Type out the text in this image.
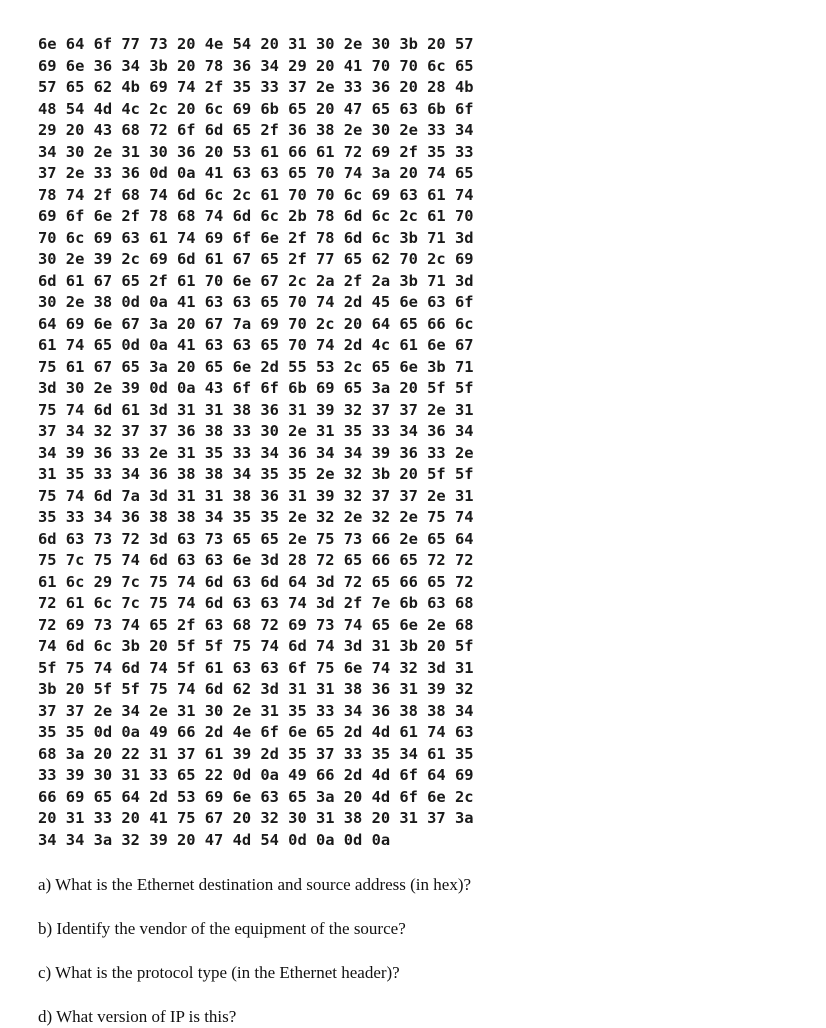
6e 64 6f 77 73 20 4e 54 20 31 30 2e 30 3b 20 57
69 6e 36 34 3b 20 78 36 34 29 20 41 70 70 6c 65
57 65 62 4b 69 74 2f 35 33 37 2e 33 36 20 28 4b
48 54 4d 4c 2c 20 6c 69 6b 65 20 47 65 63 6b 6f
29 20 43 68 72 6f 6d 65 2f 36 38 2e 30 2e 33 34
34 30 2e 31 30 36 20 53 61 66 61 72 69 2f 35 33
37 2e 33 36 0d 0a 41 63 63 65 70 74 3a 20 74 65
78 74 2f 68 74 6d 6c 2c 61 70 70 6c 69 63 61 74
69 6f 6e 2f 78 68 74 6d 6c 2b 78 6d 6c 2c 61 70
70 6c 69 63 61 74 69 6f 6e 2f 78 6d 6c 3b 71 3d
30 2e 39 2c 69 6d 61 67 65 2f 77 65 62 70 2c 69
6d 61 67 65 2f 61 70 6e 67 2c 2a 2f 2a 3b 71 3d
30 2e 38 0d 0a 41 63 63 65 70 74 2d 45 6e 63 6f
64 69 6e 67 3a 20 67 7a 69 70 2c 20 64 65 66 6c
61 74 65 0d 0a 41 63 63 65 70 74 2d 4c 61 6e 67
75 61 67 65 3a 20 65 6e 2d 55 53 2c 65 6e 3b 71
3d 30 2e 39 0d 0a 43 6f 6f 6b 69 65 3a 20 5f 5f
75 74 6d 61 3d 31 31 38 36 31 39 32 37 37 2e 31
37 34 32 37 37 36 38 33 30 2e 31 35 33 34 36 34
34 39 36 33 2e 31 35 33 34 36 34 34 39 36 33 2e
31 35 33 34 36 38 38 34 35 35 2e 32 3b 20 5f 5f
75 74 6d 7a 3d 31 31 38 36 31 39 32 37 37 2e 31
35 33 34 36 38 38 34 35 35 2e 32 2e 32 2e 75 74
6d 63 73 72 3d 63 73 65 65 2e 75 73 66 2e 65 64
75 7c 75 74 6d 63 63 6e 3d 28 72 65 66 65 72 72
61 6c 29 7c 75 74 6d 63 6d 64 3d 72 65 66 65 72
72 61 6c 7c 75 74 6d 63 63 74 3d 2f 7e 6b 63 68
72 69 73 74 65 2f 63 68 72 69 73 74 65 6e 2e 68
74 6d 6c 3b 20 5f 5f 75 74 6d 74 3d 31 3b 20 5f
5f 75 74 6d 74 5f 61 63 63 6f 75 6e 74 32 3d 31
3b 20 5f 5f 75 74 6d 62 3d 31 31 38 36 31 39 32
37 37 2e 34 2e 31 30 2e 31 35 33 34 36 38 38 34
35 35 0d 0a 49 66 2d 4e 6f 6e 65 2d 4d 61 74 63
68 3a 20 22 31 37 61 39 2d 35 37 33 35 34 61 35
33 39 30 31 33 65 22 0d 0a 49 66 2d 4d 6f 64 69
66 69 65 64 2d 53 69 6e 63 65 3a 20 4d 6f 6e 2c
20 31 33 20 41 75 67 20 32 30 31 38 20 31 37 3a
34 34 3a 32 39 20 47 4d 54 0d 0a 0d 0a
a) What is the Ethernet destination and source address (in hex)?
b) Identify the vendor of the equipment of the source?
c) What is the protocol type (in the Ethernet header)?
d) What version of IP is this?
